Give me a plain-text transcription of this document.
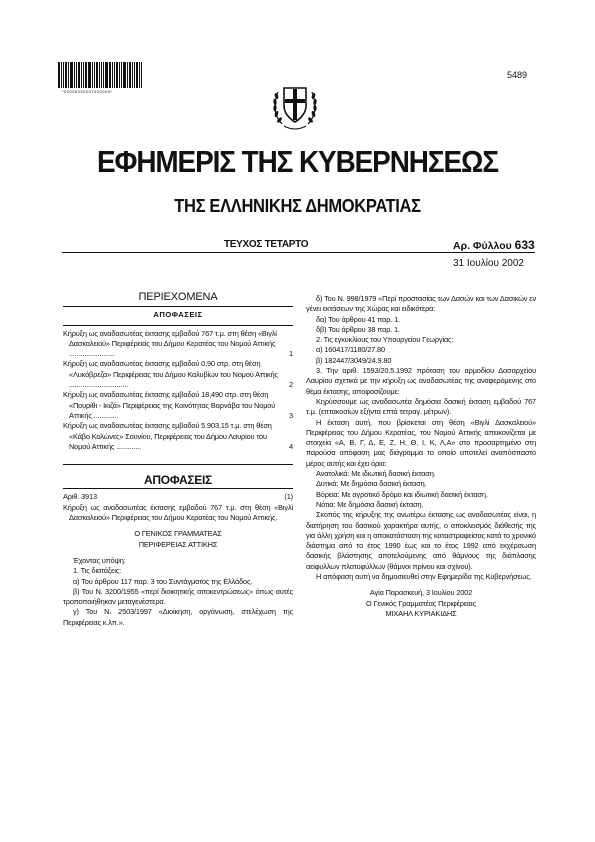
*02006330207020008*
5489
ΕΦΗΜΕΡΙΣ ΤΗΣ ΚΥΒΕΡΝΗΣΕΩΣ
ΤΗΣ ΕΛΛΗΝΙΚΗΣ ΔΗΜΟΚΡΑΤΙΑΣ
ΤΕΥΧΟΣ ΤΕΤΑΡΤΟ	Αρ. Φύλλου 633
31 Ιουλίου 2002
ΠΕΡΙΕΧΟΜΕΝΑ
ΑΠΟΦΑΣΕΙΣ
Κήρυξη ως αναδασωτέας έκτασης εμβαδού 767 τ.μ. στη θέση «Βιγλί Δασκαλειού» Περιφέρειας του Δήμου Κερατέας του Νομού Αττικής ........................	1
Κήρυξη ως αναδασωτέας έκτασης εμβαδού 0,90 στρ. στη θέση «Λυκόβρεζα» Περιφέρειας του Δήμου Καλυβίων του Νομού Αττικής ...............................	2
Κήρυξη ως αναδασωτέας έκτασης εμβαδού 18,490 στρ. στη θέση «Πουρίθι - Ικιζά» Περιφέρειας της Κοινότητας Βαρνάβα του Νομού Αττικής .............	3
Κήρυξη ως αναδασωτέας έκτασης εμβαδού 5.903,15 τ.μ. στη θέση «Κάβο Κολώνες» Σουνίου, Περιφέρειας του Δήμου Λαυρίου του Νομού Αττικής .............	4
ΑΠΟΦΑΣΕΙΣ
Αριθ. 3913	(1)
Κήρυξη ως αναδασωτέας έκτασης εμβαδού 767 τ.μ. στη θέση «Βιγλί Δασκαλειού» Περιφέρειας του Δήμου Κερατέας του Νομού Αττικής.
Ο ΓΕΝΙΚΟΣ ΓΡΑΜΜΑΤΕΑΣ
ΠΕΡΙΦΕΡΕΙΑΣ ΑΤΤΙΚΗΣ
Έχοντας υπόψη:
1. Τις διατάξεις:
α) Του άρθρου 117 παρ. 3 του Συντάγματος της Ελλάδος.
β) Του Ν. 3200/1955 «περί διοικητικής αποκεντρώσεως» όπως αυτές τροποποιήθηκαν μεταγενέστερα.
γ) Του Ν. 2503/1997 «Διοίκηση, οργάνωση, στελέχωση της Περιφέρειας κ.λπ.».
δ) Του Ν. 998/1979 «Περί προστασίας των Δασών και των Δασικών εν γένει εκτάσεων της Χώρας και ειδικότερα:
δα) Του άρθρου 41 παρ. 1.
δβ) Του άρθρου 38 παρ. 1.
2. Τις εγκυκλίους του Υπουργείου Γεωργίας:
α) 160417/1180/27.80
β) 182447/3049/24.9.80
3. Την αριθ. 1593/20.5.1992 πρόταση του αρμοδίου Δασαρχείου Λαυρίου σχετικά με την κήρυξη ως αναδασωτέας της αναφερόμενης στο θέμα έκτασης, αποφασίζουμε:
Κηρύσσουμε ως αναδασωτέα δημόσια δασική έκταση εμβαδού 767 τ.μ. (επτακοσίων εξήντα επτά τετραγ. μέτρων).
Η έκταση αυτή, που βρίσκεται στη θέση «Βιγλί Δασκαλειού» Περιφέρειας του Δήμου Κερατέας, του Νομού Αττικής απεικονίζεται με στοιχεία «Α, Β, Γ, Δ, Ε, Ζ, Η, Θ, Ι, Κ, Λ,Α» στο προσαρτημένο στη παρούσα απόφαση μας διάγραμμα το οποίο αποτελεί αναπόσπαστο μέρος αυτής και έχει όρια:
Ανατολικά: Με ιδιωτική δασική έκταση.
Δυτικά: Με δημόσια δασική έκταση.
Βόρεια: Με αγροτικό δρόμο και ιδιωτική δασική έκταση.
Νότια: Με δημόσια δασική έκταση.
Σκοπός της κήρυξης της ανωτέρω έκτασης ως αναδασωτέας είναι, η διατήρηση του δασικού χαρακτήρα αυτής, ο αποκλεισμός διάθεσής της για άλλη χρήση και η αποκατάσταση της καταστραφείσας κατά το χρονικό διάστημα από το έτος 1990 έως και το έτος 1992 από εκχέρσωση δασικής βλάστησης αποτελούμενης από θάμνους της διάπλασης αείφυλλων πλατυφύλλων (θάμνοι πρίνου και σχίνου).
Η απόφαση αυτή να δημοσιευθεί στην Εφημερίδα της Κυβερνήσεως.
Αγία Παρασκευή, 3 Ιουλίου 2002
Ο Γενικός Γραμματέας Περιφέρειας
ΜΙΧΑΗΛ ΚΥΡΙΑΚΙΔΗΣ
